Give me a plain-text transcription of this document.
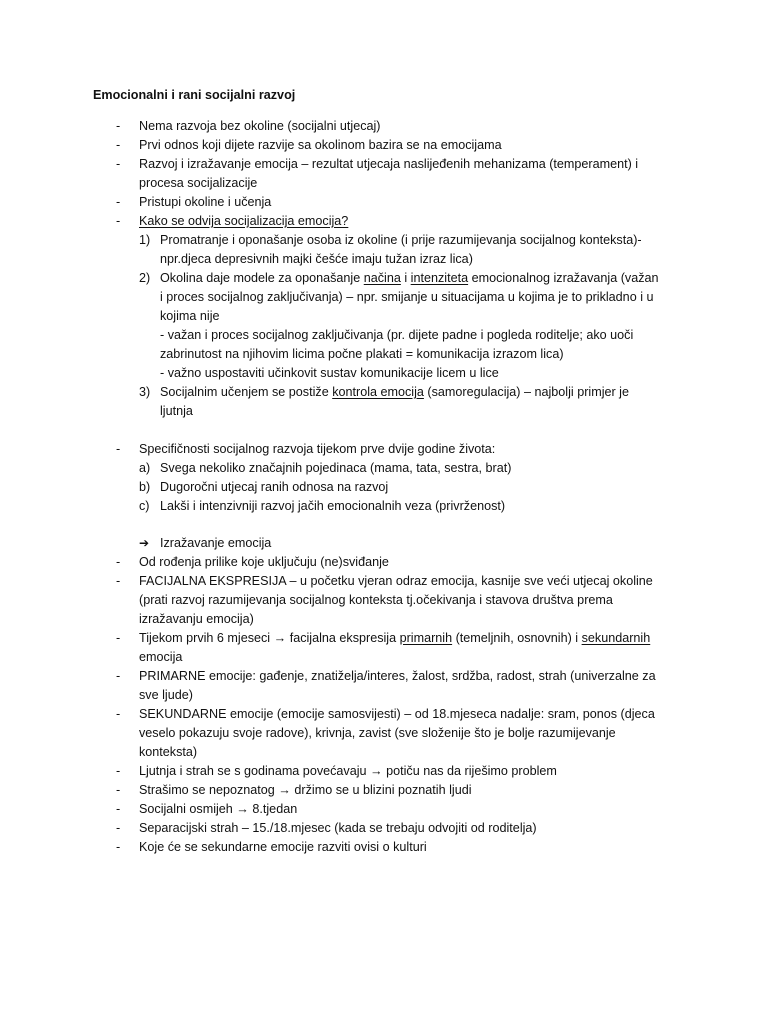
Emocionalni i rani socijalni razvoj
- Nema razvoja bez okoline (socijalni utjecaj)
- Prvi odnos koji dijete razvije sa okolinom bazira se na emocijama
- Razvoj i izražavanje emocija – rezultat utjecaja naslijeđenih mehanizama (temperament) i
procesa socijalizacije
- Pristupi okoline i učenja
- Kako se odvija socijalizacija emocija?
1) Promatranje i oponašanje osoba iz okoline (i prije razumijevanja socijalnog konteksta)-
npr.djeca depresivnih majki češće imaju tužan izraz lica)
2) Okolina daje modele za oponašanje načina i intenziteta emocionalnog izražavanja (važan
i proces socijalnog zaključivanja) – npr. smijanje u situacijama u kojima je to prikladno i u
kojima nije
- važan i proces socijalnog zaključivanja (pr. dijete padne i pogleda roditelje; ako uoči
zabrinutost na njihovim licima počne plakati = komunikacija izrazom lica)
- važno uspostaviti učinkovit sustav komunikacije licem u lice
3) Socijalnim učenjem se postiže kontrola emocija (samoregulacija) – najbolji primjer je
ljutnja
- Specifičnosti socijalnog razvoja tijekom prve dvije godine života:
a) Svega nekoliko značajnih pojedinaca (mama, tata, sestra, brat)
b) Dugoročni utjecaj ranih odnosa na razvoj
c) Lakši i intenzivniji razvoj jačih emocionalnih veza (privrženost)
➔ Izražavanje emocija
- Od rođenja prilike koje uključuju (ne)sviđanje
- FACIJALNA EKSPRESIJA – u početku vjeran odraz emocija, kasnije sve veći utjecaj okoline
(prati razvoj razumijevanja socijalnog konteksta tj.očekivanja i stavova društva prema
izražavanju emocija)
- Tijekom prvih 6 mjeseci → facijalna ekspresija primarnih (temeljnih, osnovnih) i sekundarnih
emocija
- PRIMARNE emocije: gađenje, znatiželja/interes, žalost, srdžba, radost, strah (univerzalne za
sve ljude)
- SEKUNDARNE emocije (emocije samosvijesti) – od 18.mjeseca nadalje: sram, ponos (djeca
veselo pokazuju svoje radove), krivnja, zavist (sve složenije što je bolje razumijevanje
konteksta)
- Ljutnja i strah se s godinama povećavaju → potiču nas da riješimo problem
- Strašimo se nepoznatog → držimo se u blizini poznatih ljudi
- Socijalni osmijeh → 8.tjedan
- Separacijski strah – 15./18.mjesec (kada se trebaju odvojiti od roditelja)
- Koje će se sekundarne emocije razviti ovisi o kulturi
